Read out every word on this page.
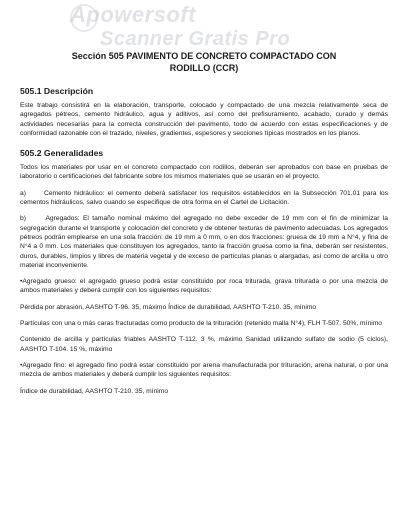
Apowersoft
Scanner Gratis Pro
Sección 505 PAVIMENTO DE CONCRETO COMPACTADO CON
RODILLO (CCR)
505.1 Descripción

Este trabajo consistirá en la elaboración, transporte, colocado y compactado de una mezcla relativamente seca de agregados pétreos, cemento hidráulico, agua y aditivos, así como del prefisuramiento, acabado, curado y demás actividades necesarias para la correcta construcción del pavimento, todo de acuerdo con estas especificaciones y de conformidad razonable con el trazado, niveles, gradientes, espesores y secciones típicas mostrados en los planos.

505.2 Generalidades

Todos los materiales por usar en el concreto compactado con rodillos, deberán ser aprobados con base en pruebas de laboratorio o certificaciones del fabricante sobre los mismos materiales que se usarán en el proyecto.

a)      Cemento hidráulico: el cemento deberá satisfacer los requisitos establecidos en la Subsección 701.01 para los cementos hidráulicos, salvo cuando se especifique de otra forma en el Cartel de Licitación.

b)      Agregados: El tamaño nominal máximo del agregado no debe exceder de 19 mm con el fin de minimizar la segregación durante el transporte y colocación del concreto y de obtener texturas de pavimento adecuadas. Los agregados pétreos podrán emplearse en una sola fracción: de 19 mm a 0 mm, o en dos fracciones: gruesa de 19 mm a N°4, y fina de N°4 a 0 mm. Los materiales que constituyen los agregados, tanto la fracción gruesa como la fina, deberán ser resistentes, duros, durables, limpios y libres de materia vegetal y de exceso de partículas planas o alargadas, así como de arcilla u otro material inconveniente.

•Agregado grueso: el agregado grueso podrá estar constituido por roca triturada, grava triturada o por una mezcla de ambos materiales y deberá cumplir con los siguientes requisitos:

Pérdida por abrasión, AASHTO T-96. 35, máximo Índice de durabilidad, AASHTO T-210. 35, mínimo

Partículas con una o más caras fracturadas como producto de la trituración (retenido malla N°4), FLH T-507. 50%, mínimo

Contenido de arcilla y partículas friables AASHTO T-112. 3 %, máximo Sanidad utilizando sulfato de sodio (5 ciclos), AASHTO T-104. 15 %, máximo

•Agregado fino: el agregado fino podrá estar constituido por arena manufacturada por trituración, arena natural, o por una mezcla de ambos materiales y deberá cumplir los siguientes requisitos:

Índice de durabilidad, AASHTO T-210. 35, mínimo
